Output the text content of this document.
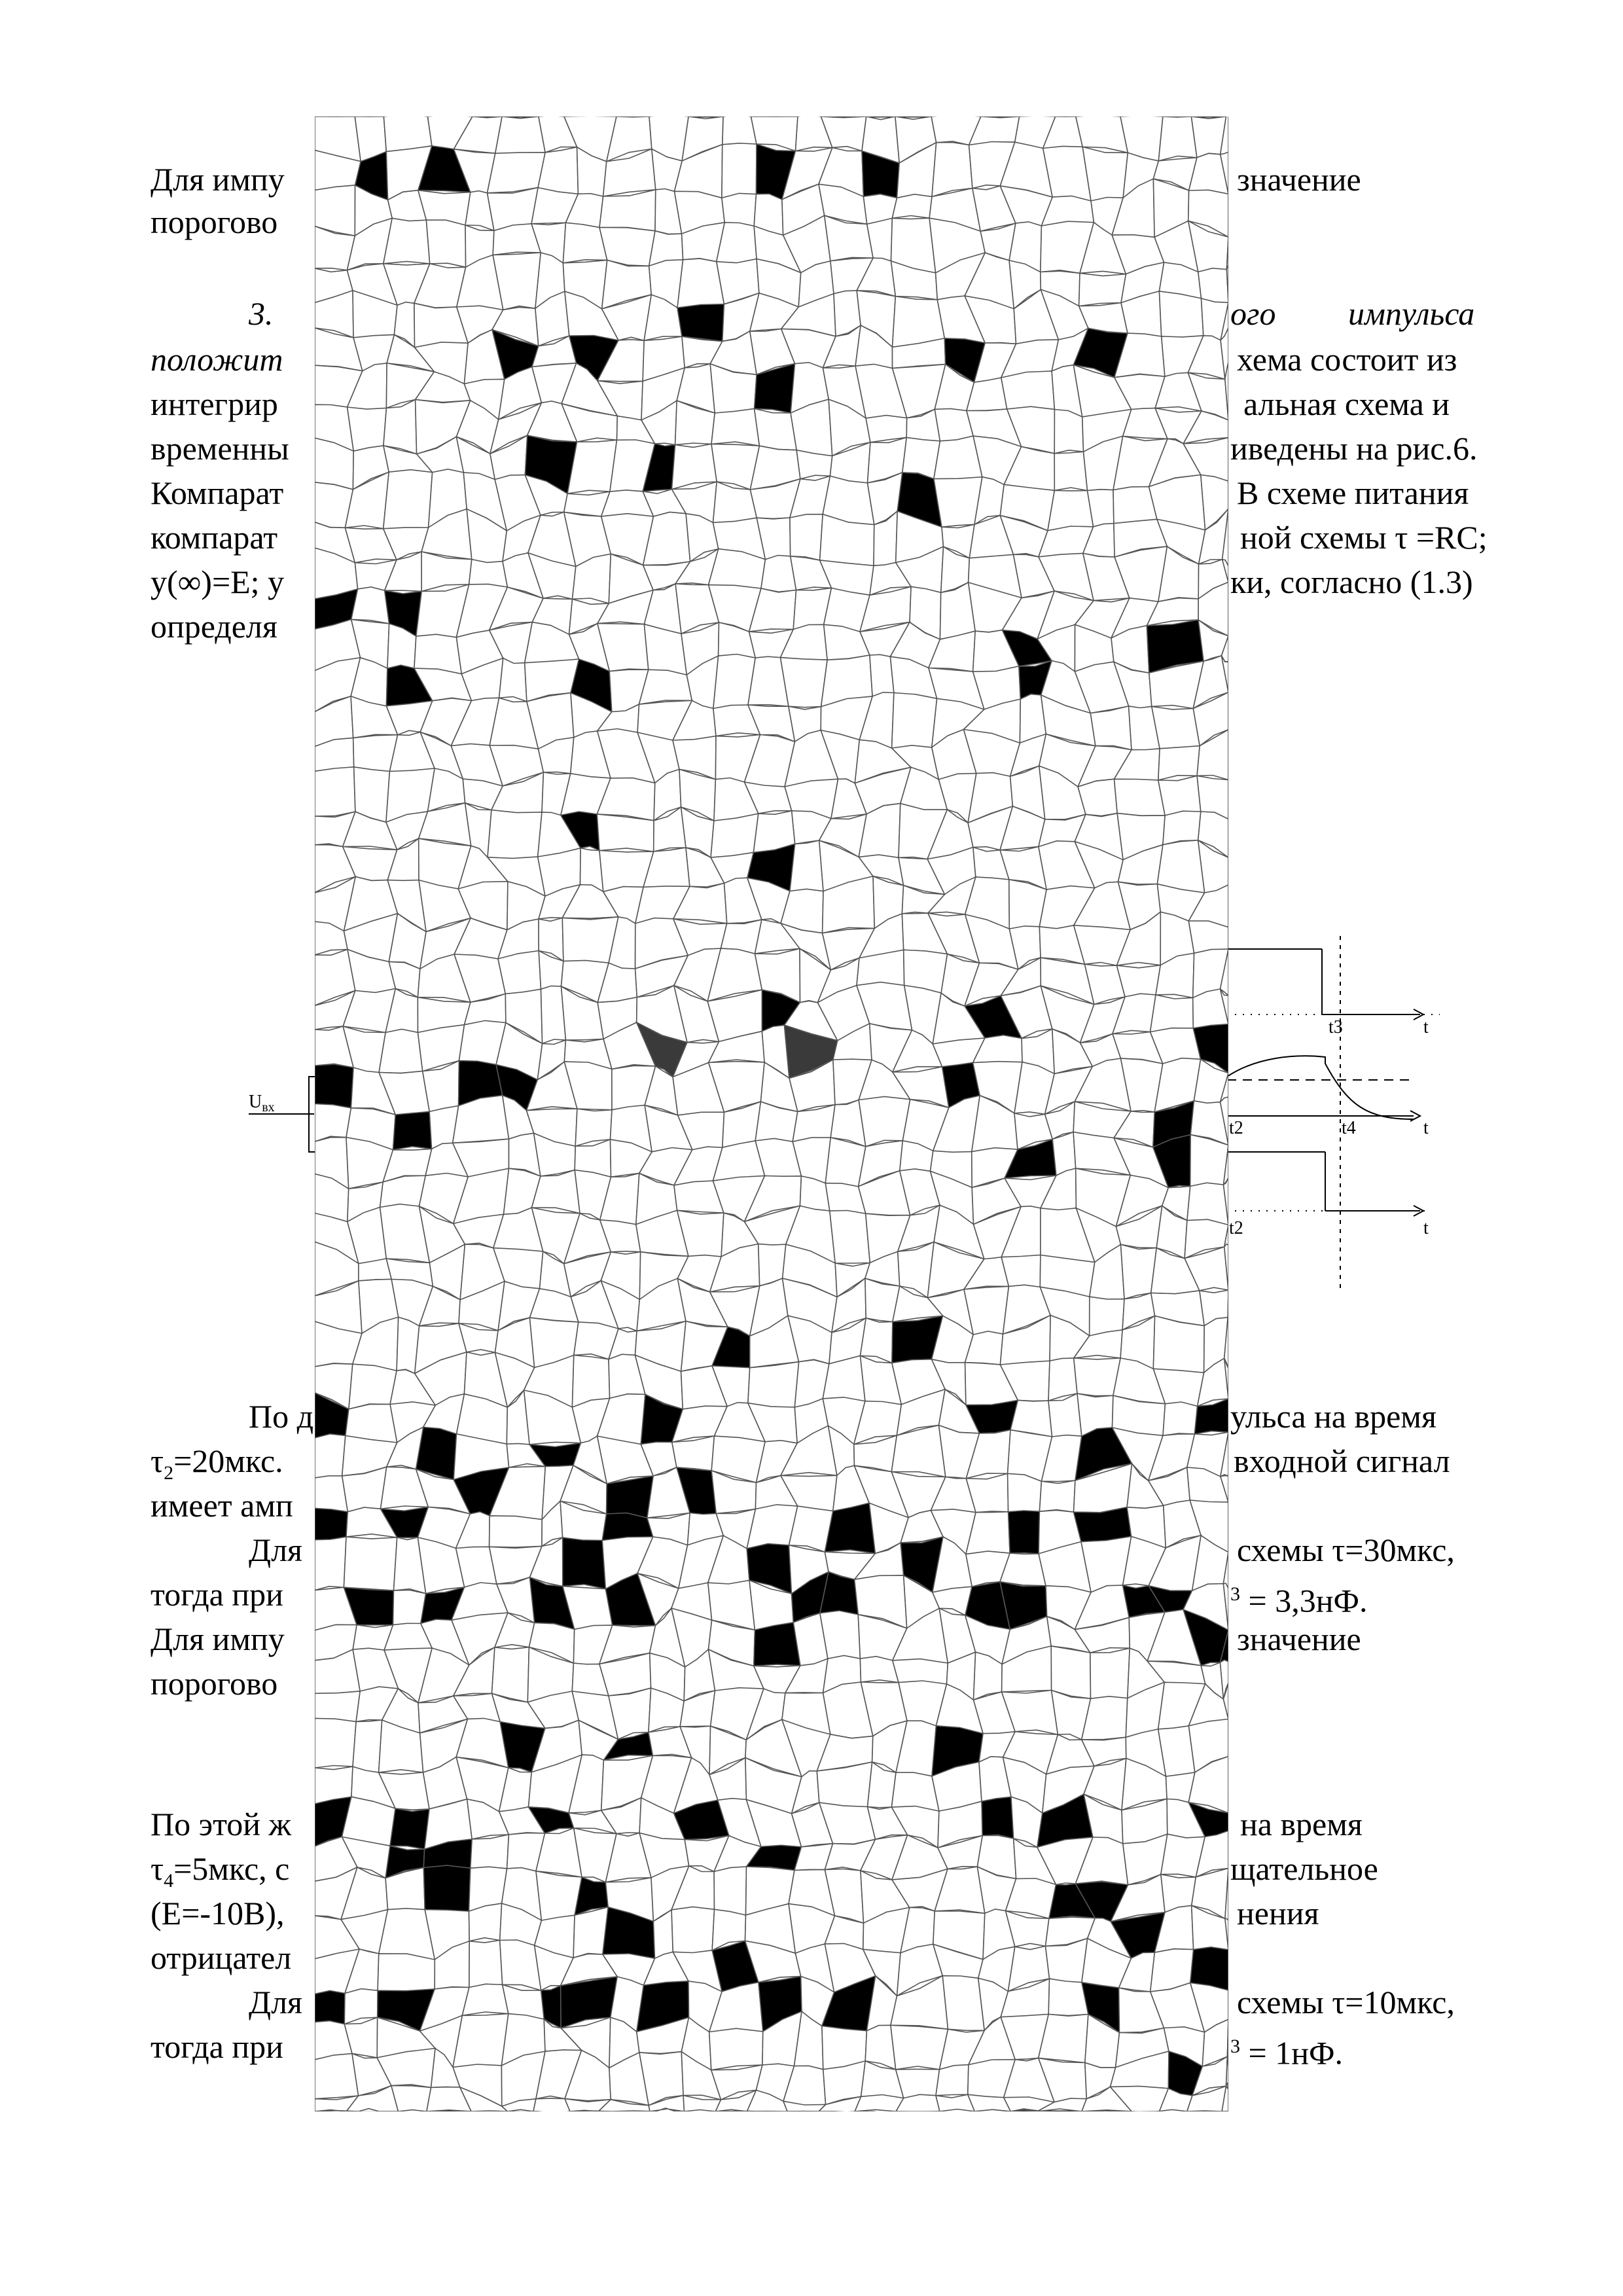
Для импу	значение
порогово
3.	ого импульса
положит	хема состоит из
интегрир	альная схема и
временны	иведены на рис.6.
Компарат	В схеме питания
компарат	ной схемы τ =RC;
y(∞)=E; у	ки, согласно (1.3)
определя
По д	ульса на время
$\tau_2=20мкс$.	входной сигнал
имеет амп
Для	схемы τ=30мкс,
тогда при	$^3$ = 3,3нФ.
Для импу	значение
порогово
По этой ж	на время
$\tau_4=5мкс$, с	щательное
(E=-10B),	нения
отрицател
Для	схемы τ=10мкс,
тогда при	$^3$ = 1нФ.
$U_{вх}$
t3	t
t2	t4	t
t2	t
